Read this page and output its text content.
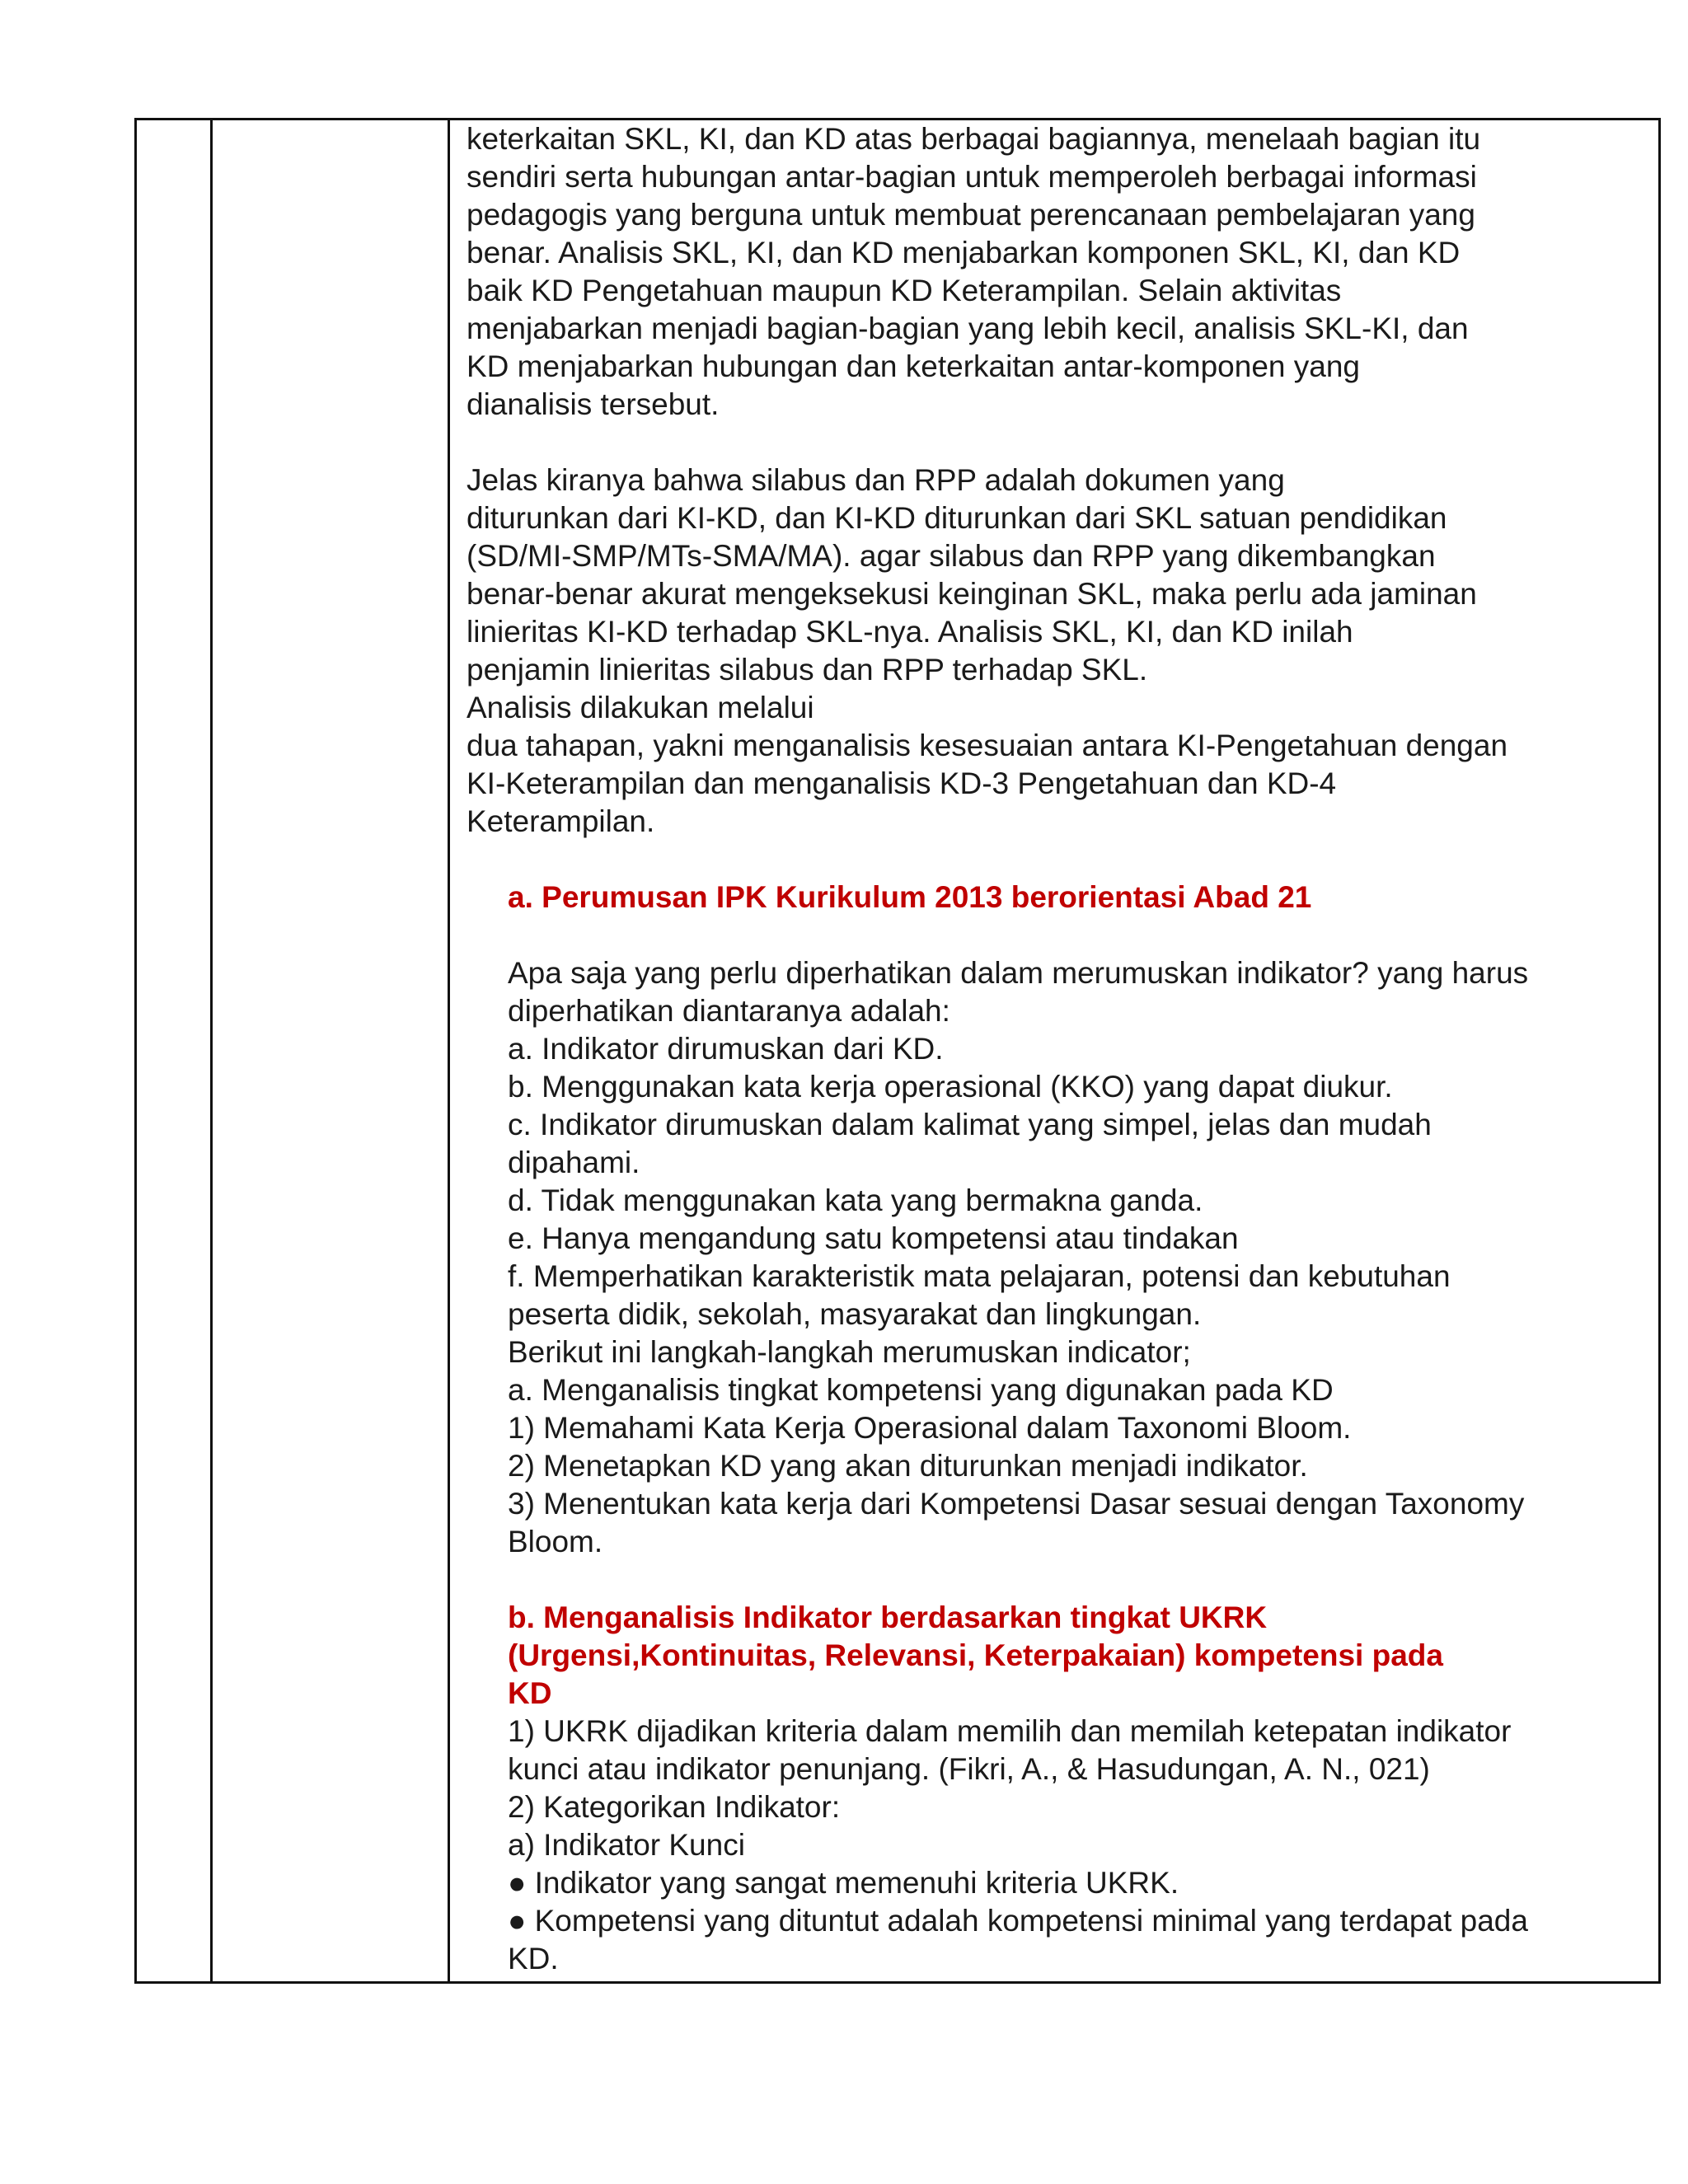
keterkaitan SKL, KI, dan KD atas berbagai bagiannya, menelaah bagian itu
sendiri serta hubungan antar-bagian untuk memperoleh berbagai informasi
pedagogis yang berguna untuk membuat perencanaan pembelajaran yang
benar. Analisis SKL, KI, dan KD menjabarkan komponen SKL, KI, dan KD
baik KD Pengetahuan maupun KD Keterampilan. Selain aktivitas
menjabarkan menjadi bagian-bagian yang lebih kecil, analisis SKL-KI, dan
KD menjabarkan hubungan dan keterkaitan antar-komponen yang
dianalisis tersebut.
Jelas kiranya bahwa silabus dan RPP adalah dokumen yang
diturunkan dari KI-KD, dan KI-KD diturunkan dari SKL satuan pendidikan
(SD/MI-SMP/MTs-SMA/MA). agar silabus dan RPP yang dikembangkan
benar-benar akurat mengeksekusi keinginan SKL, maka perlu ada jaminan
linieritas KI-KD terhadap SKL-nya. Analisis SKL, KI, dan KD inilah
penjamin linieritas silabus dan RPP terhadap SKL.
Analisis dilakukan melalui
dua tahapan, yakni menganalisis kesesuaian antara KI-Pengetahuan dengan
KI-Keterampilan dan menganalisis KD-3 Pengetahuan dan KD-4
Keterampilan.
a. Perumusan IPK Kurikulum 2013 berorientasi Abad 21
Apa saja yang perlu diperhatikan dalam merumuskan indikator? yang harus
diperhatikan diantaranya adalah:
a. Indikator dirumuskan dari KD.
b. Menggunakan kata kerja operasional (KKO) yang dapat diukur.
c. Indikator dirumuskan dalam kalimat yang simpel, jelas dan mudah
dipahami.
d. Tidak menggunakan kata yang bermakna ganda.
e. Hanya mengandung satu kompetensi atau tindakan
f. Memperhatikan karakteristik mata pelajaran, potensi dan kebutuhan
peserta didik, sekolah, masyarakat dan lingkungan.
Berikut ini langkah-langkah merumuskan indicator;
a. Menganalisis tingkat kompetensi yang digunakan pada KD
1) Memahami Kata Kerja Operasional dalam Taxonomi Bloom.
2) Menetapkan KD yang akan diturunkan menjadi indikator.
3) Menentukan kata kerja dari Kompetensi Dasar sesuai dengan Taxonomy
Bloom.
b. Menganalisis Indikator berdasarkan tingkat UKRK
(Urgensi,Kontinuitas, Relevansi, Keterpakaian) kompetensi pada
KD
1) UKRK dijadikan kriteria dalam memilih dan memilah ketepatan indikator
kunci atau indikator penunjang. (Fikri, A., & Hasudungan, A. N., 021)
2) Kategorikan Indikator:
a) Indikator Kunci
● Indikator yang sangat memenuhi kriteria UKRK.
● Kompetensi yang dituntut adalah kompetensi minimal yang terdapat pada
KD.
